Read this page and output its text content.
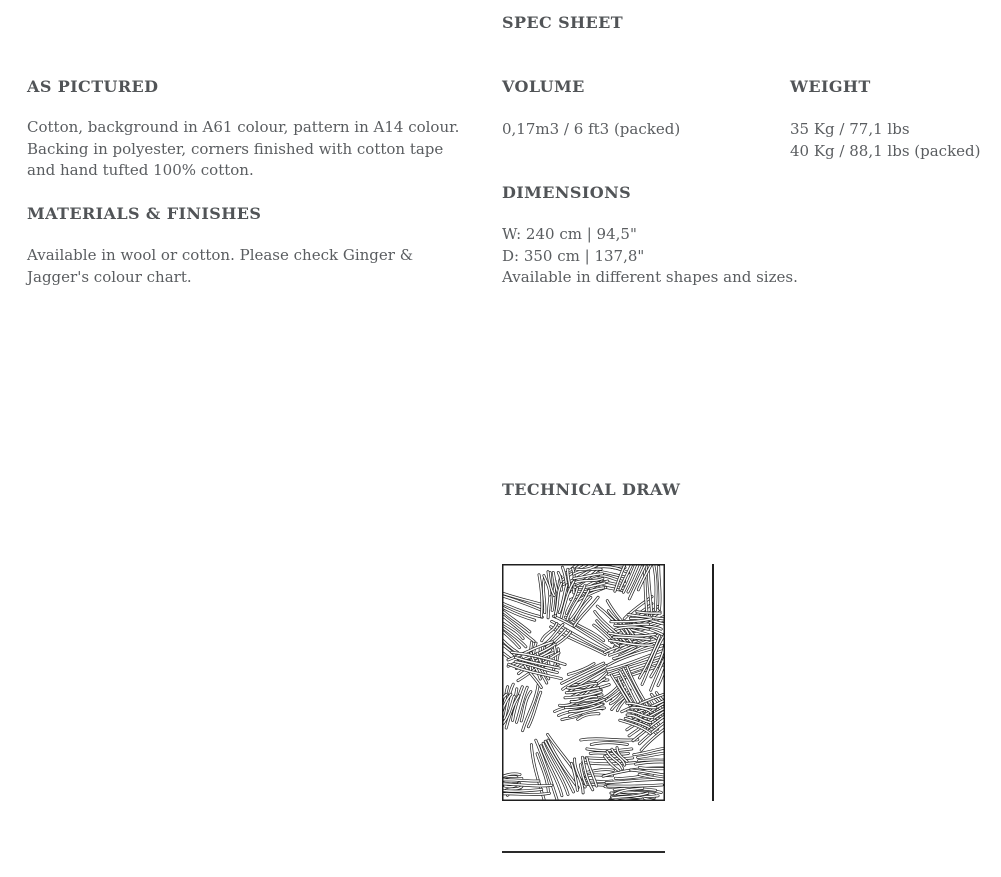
SPEC SHEET
AS PICTURED
Cotton, background in A61 colour, pattern in A14 colour.
Backing in polyester, corners finished with cotton tape
and hand tufted 100% cotton.
MATERIALS & FINISHES
Available in wool or cotton. Please check Ginger &
Jagger's colour chart.
VOLUME
0,17m3 / 6 ft3 (packed)
DIMENSIONS
W: 240 cm | 94,5"
D: 350 cm | 137,8"
Available in different shapes and sizes.
WEIGHT
35 Kg / 77,1 lbs
40 Kg / 88,1 lbs (packed)
TECHNICAL DRAW
